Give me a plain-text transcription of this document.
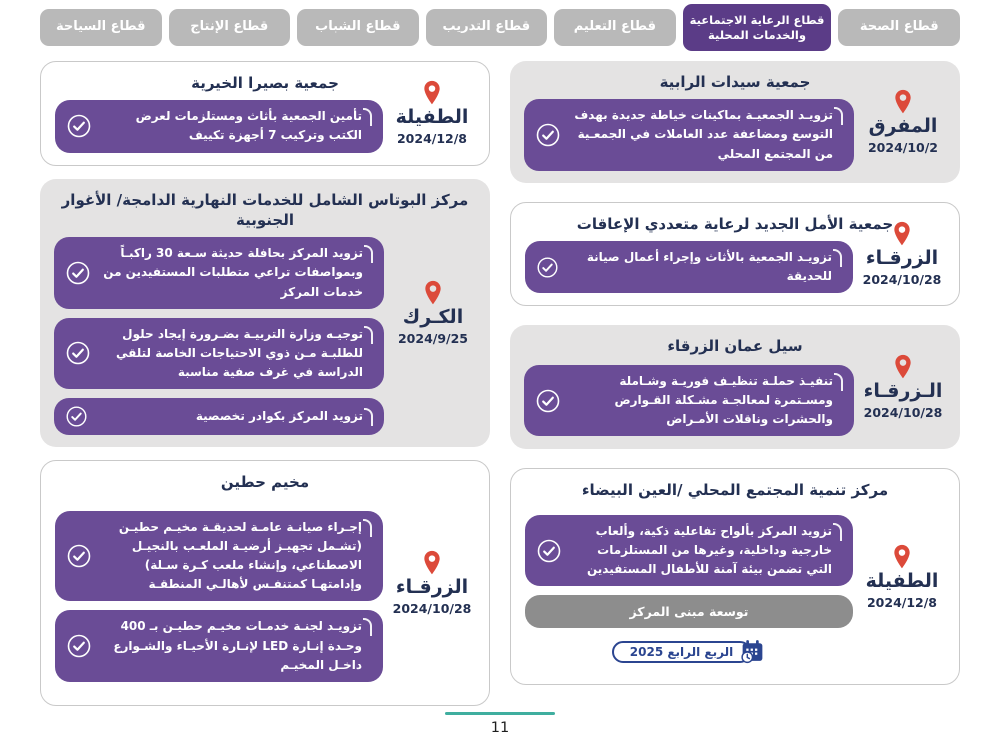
قطاع الصحة
قطاع الرعاية الاجتماعية والخدمات المحلية
قطاع التعليم
قطاع التدريب
قطاع الشباب
قطاع الإنتاج
قطاع السياحة
جمعية بصيرا الخيرية
تأمين الجمعية بأثاث ومستلزمات لعرض الكتب وتركيب 7 أجهزة تكييف
الطفيلة
2024/12/8
مركز البوتاس الشامل للخدمات النهارية الدامجة/ الأغوار الجنوبية
تزويد المركز بحافلة حديثة سـعة 30 راكبـاً وبمواصفات تراعي متطلبات المستفيدين من خدمات المركز
توجيـه وزارة التربيـة بضـرورة إيجاد حلول للطلبـة مـن ذوي الاحتياجات الخاصة لتلقي الدراسة في غرف صفية مناسبة
تزويد المركز بكوادر تخصصية
الكـرك
2024/9/25
مخيم حطين
إجـراء صيانـة عامـة لحديقـة مخيـم حطيـن (تشـمل تجهيـز أرضيـة الملعـب بالنجيـل الاصطناعي، وإنشاء ملعب كـرة سـلة) وإدامتهـا كمتنفـس لأهالـي المنطقـة
تزويـد لجنـة خدمـات مخيـم حطيـن بـ 400 وحـدة إنـارة LED لإنـارة الأحيـاء والشـوارع داخـل المخيـم
الزرقـاء
2024/10/28
جمعية سيدات الرابية
تزويـد الجمعيـة بماكينات خياطة جديدة بهدف التوسع ومضاعفة عدد العاملات في الجمعـية من المجتمع المحلي
المفرق
2024/10/2
جمعية الأمل الجديد لرعاية متعددي الإعاقات
تزويـد الجمعية بالأثاث وإجراء أعمال صيانة للحديقة
الزرقـاء
2024/10/28
سيل عمان الزرقاء
تنفيـذ حملـة تنظيـف فوريـة وشـاملة ومسـتمرة لمعالجـة مشـكلة القـوارض والحشرات وناقلات الأمـراض
الـزرقـاء
2024/10/28
مركز تنمية المجتمع المحلي /العين البيضاء
تزويد المركز بألواح تفاعلية ذكية، وألعاب خارجية وداخلية، وغيرها من المستلزمات التي تضمن بيئة آمنة للأطفال المستفيدين
توسعة مبنى المركز
الربع الرابع 2025
الطفيلة
2024/12/8
11
